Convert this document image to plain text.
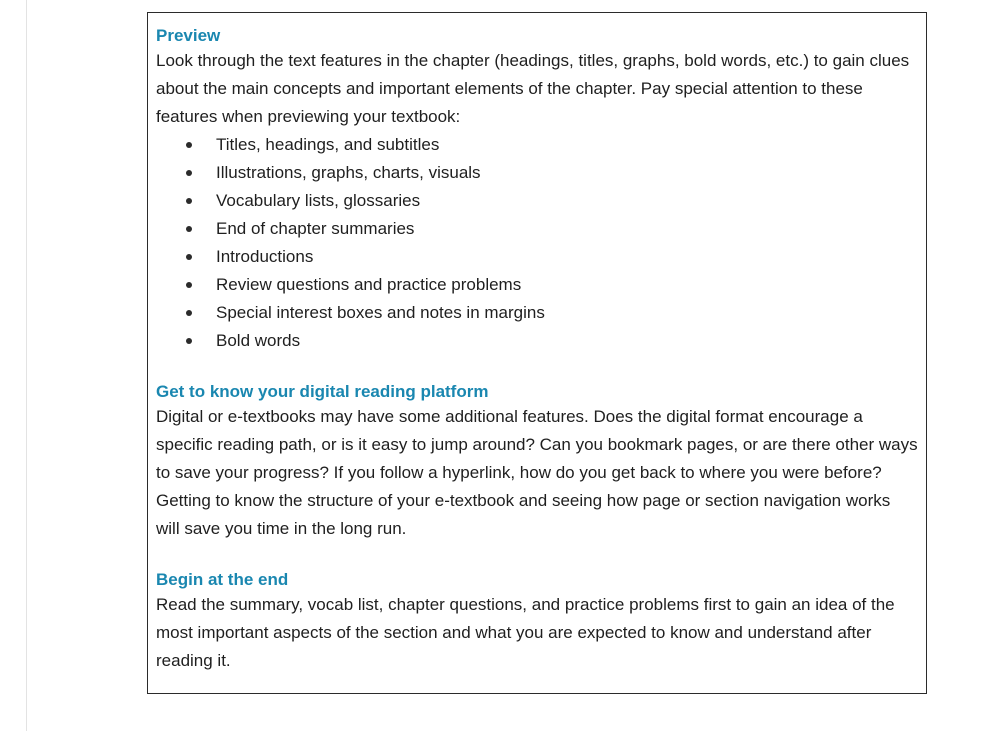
Preview

Look through the text features in the chapter (headings, titles, graphs, bold words, etc.) to gain clues about the main concepts and important elements of the chapter. Pay special attention to these features when previewing your textbook:

Titles, headings, and subtitles
Illustrations, graphs, charts, visuals
Vocabulary lists, glossaries
End of chapter summaries
Introductions
Review questions and practice problems
Special interest boxes and notes in margins
Bold words
Get to know your digital reading platform

Digital or e-textbooks may have some additional features. Does the digital format encourage a specific reading path, or is it easy to jump around? Can you bookmark pages, or are there other ways to save your progress? If you follow a hyperlink, how do you get back to where you were before? Getting to know the structure of your e-textbook and seeing how page or section navigation works will save you time in the long run.

Begin at the end

Read the summary, vocab list, chapter questions, and practice problems first to gain an idea of the most important aspects of the section and what you are expected to know and understand after reading it.
